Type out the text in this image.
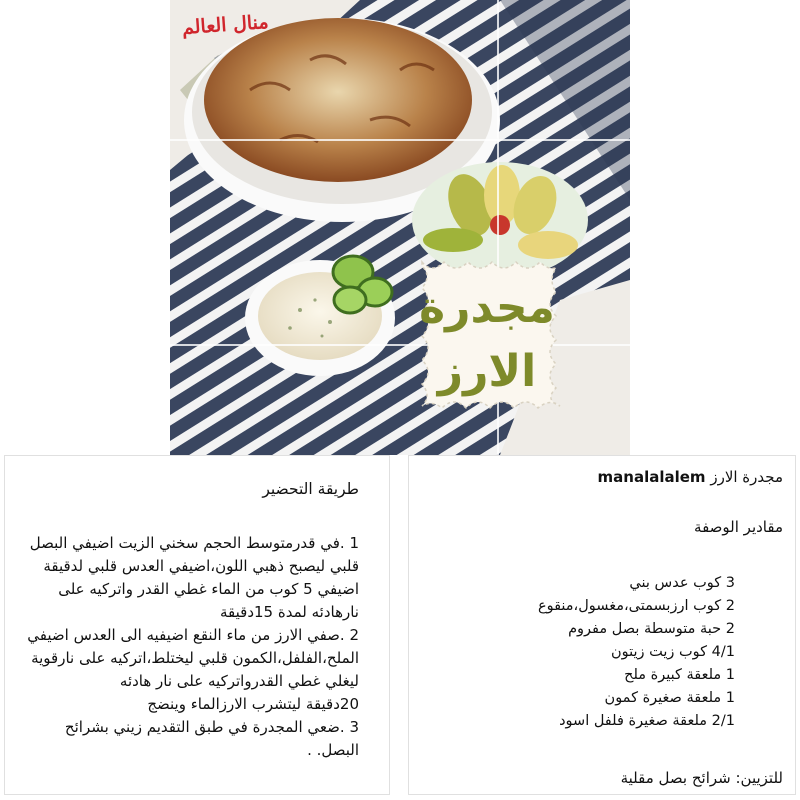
منال العالم
مجدرة
الارز

طريقة التحضير

1 .في قدرمتوسط الحجم سخني الزيت اضيفي البصل قلبي ليصبح ذهبي اللون،اضيفي العدس قلبي لدقيقة اضيفي 5 كوب من الماء غطي القدر واتركيه على نارهادئه لمدة 15دقيقة

2 .صفي الارز من ماء النقع اضيفيه الى العدس اضيفي الملح،الفلفل،الكمون قلبي ليختلط،اتركيه على نارقوية ليغلي غطي القدرواتركيه على نار هادئه

20دقيقة ليتشرب الارزالماء وينضج

3 .ضعي المجدرة في طبق التقديم زيني بشرائح البصل. .

مجدرة الارز manalalalem

مقادير الوصفة

3 كوب عدس بني
2 كوب ارزبسمتى،مغسول،منقوع
2 حبة متوسطة بصل مفروم
4/1 كوب زيت زيتون
1 ملعقة كبيرة ملح
1 ملعقة صغيرة كمون
2/1 ملعقة صغيرة فلفل اسود

للتزيين: شرائح بصل مقلية
